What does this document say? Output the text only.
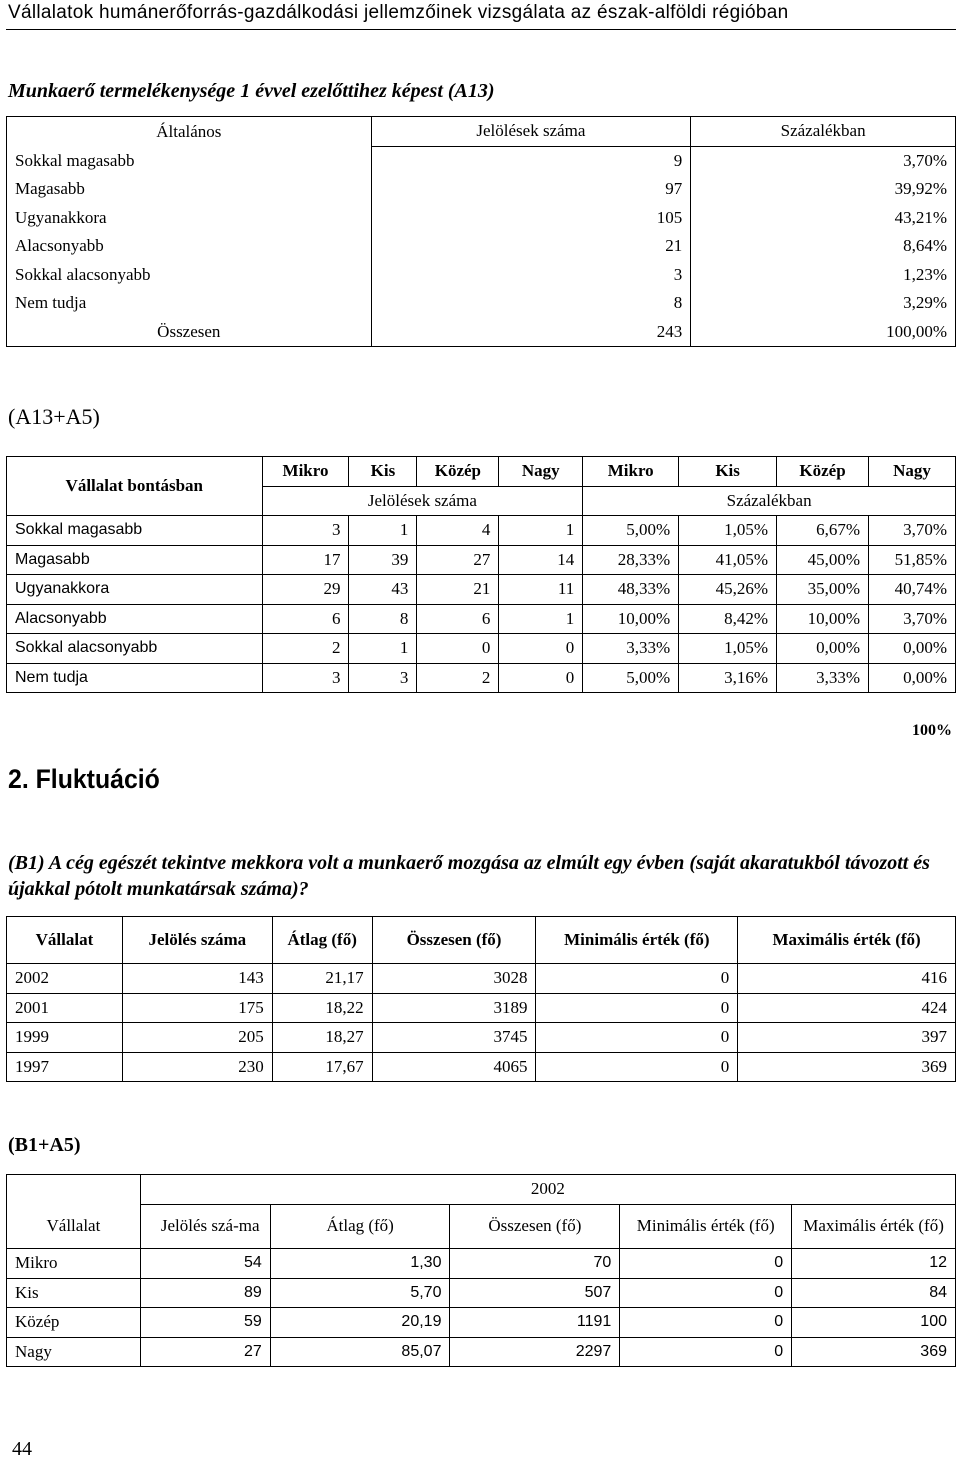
Vállalatok humánerőforrás-gazdálkodási jellemzőinek vizsgálata az észak-alföldi régióban
Munkaerő termelékenysége 1 évvel ezelőttihez képest (A13)
Általános	Jelölések száma	Százalékban
Sokkal magasabb	9	3,70%
Magasabb	97	39,92%
Ugyanakkora	105	43,21%
Alacsonyabb	21	8,64%
Sokkal alacsonyabb	3	1,23%
Nem tudja	8	3,29%
Összesen	243	100,00%
(A13+A5)
Vállalat bontásban	Mikro	Kis	Közép	Nagy	Mikro	Kis	Közép	Nagy
	Jelölések száma				Százalékban			
Sokkal magasabb	3	1	4	1	5,00%	1,05%	6,67%	3,70%
Magasabb	17	39	27	14	28,33%	41,05%	45,00%	51,85%
Ugyanakkora	29	43	21	11	48,33%	45,26%	35,00%	40,74%
Alacsonyabb	6	8	6	1	10,00%	8,42%	10,00%	3,70%
Sokkal alacsonyabb	2	1	0	0	3,33%	1,05%	0,00%	0,00%
Nem tudja	3	3	2	0	5,00%	3,16%	3,33%	0,00%
100%
2. Fluktuáció
(B1) A cég egészét tekintve mekkora volt a munkaerő mozgása az elmúlt egy évben (saját akaratukból távozott és újakkal pótolt munkatársak száma)?
Vállalat	Jelölés száma	Átlag (fő)	Összesen (fő)	Minimális érték (fő)	Maximális érték (fő)
2002	143	21,17	3028	0	416
2001	175	18,22	3189	0	424
1999	205	18,27	3745	0	397
1997	230	17,67	4065	0	369
(B1+A5)
	2002				
Vállalat	Jelölés szá-ma	Átlag (fő)	Összesen (fő)	Minimális érték (fő)	Maximális érték (fő)
Mikro	54	1,30	70	0	12
Kis	89	5,70	507	0	84
Közép	59	20,19	1191	0	100
Nagy	27	85,07	2297	0	369
44
